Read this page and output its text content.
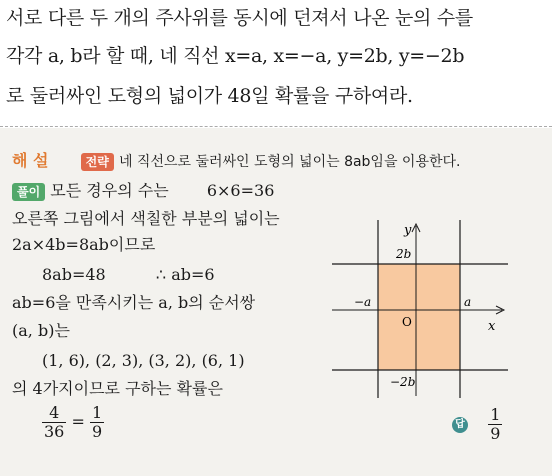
서로 다른 두 개의 주사위를 동시에 던져서 나온 눈의 수를
각각 a, b라 할 때, 네 직선 x=a, x=−a, y=2b, y=−2b
로 둘러싸인 도형의 넓이가 48일 확률을 구하여라.
해 설	전략 네 직선으로 둘러싸인 도형의 넓이는 8ab임을 이용한다.
풀이 모든 경우의 수는 6×6=36
오른쪽 그림에서 색칠한 부분의 넓이는
2a×4b=8ab이므로
8ab=48	∴ ab=6
ab=6을 만족시키는 a, b의 순서쌍
(a, b)는
(1, 6), (2, 3), (3, 2), (6, 1)
의 4가지이므로 구하는 확률은
$\frac{4}{36} = \frac{1}{9}$	답 $\frac{1}{9}$
y
x
2b
−2b
−a	a
O
